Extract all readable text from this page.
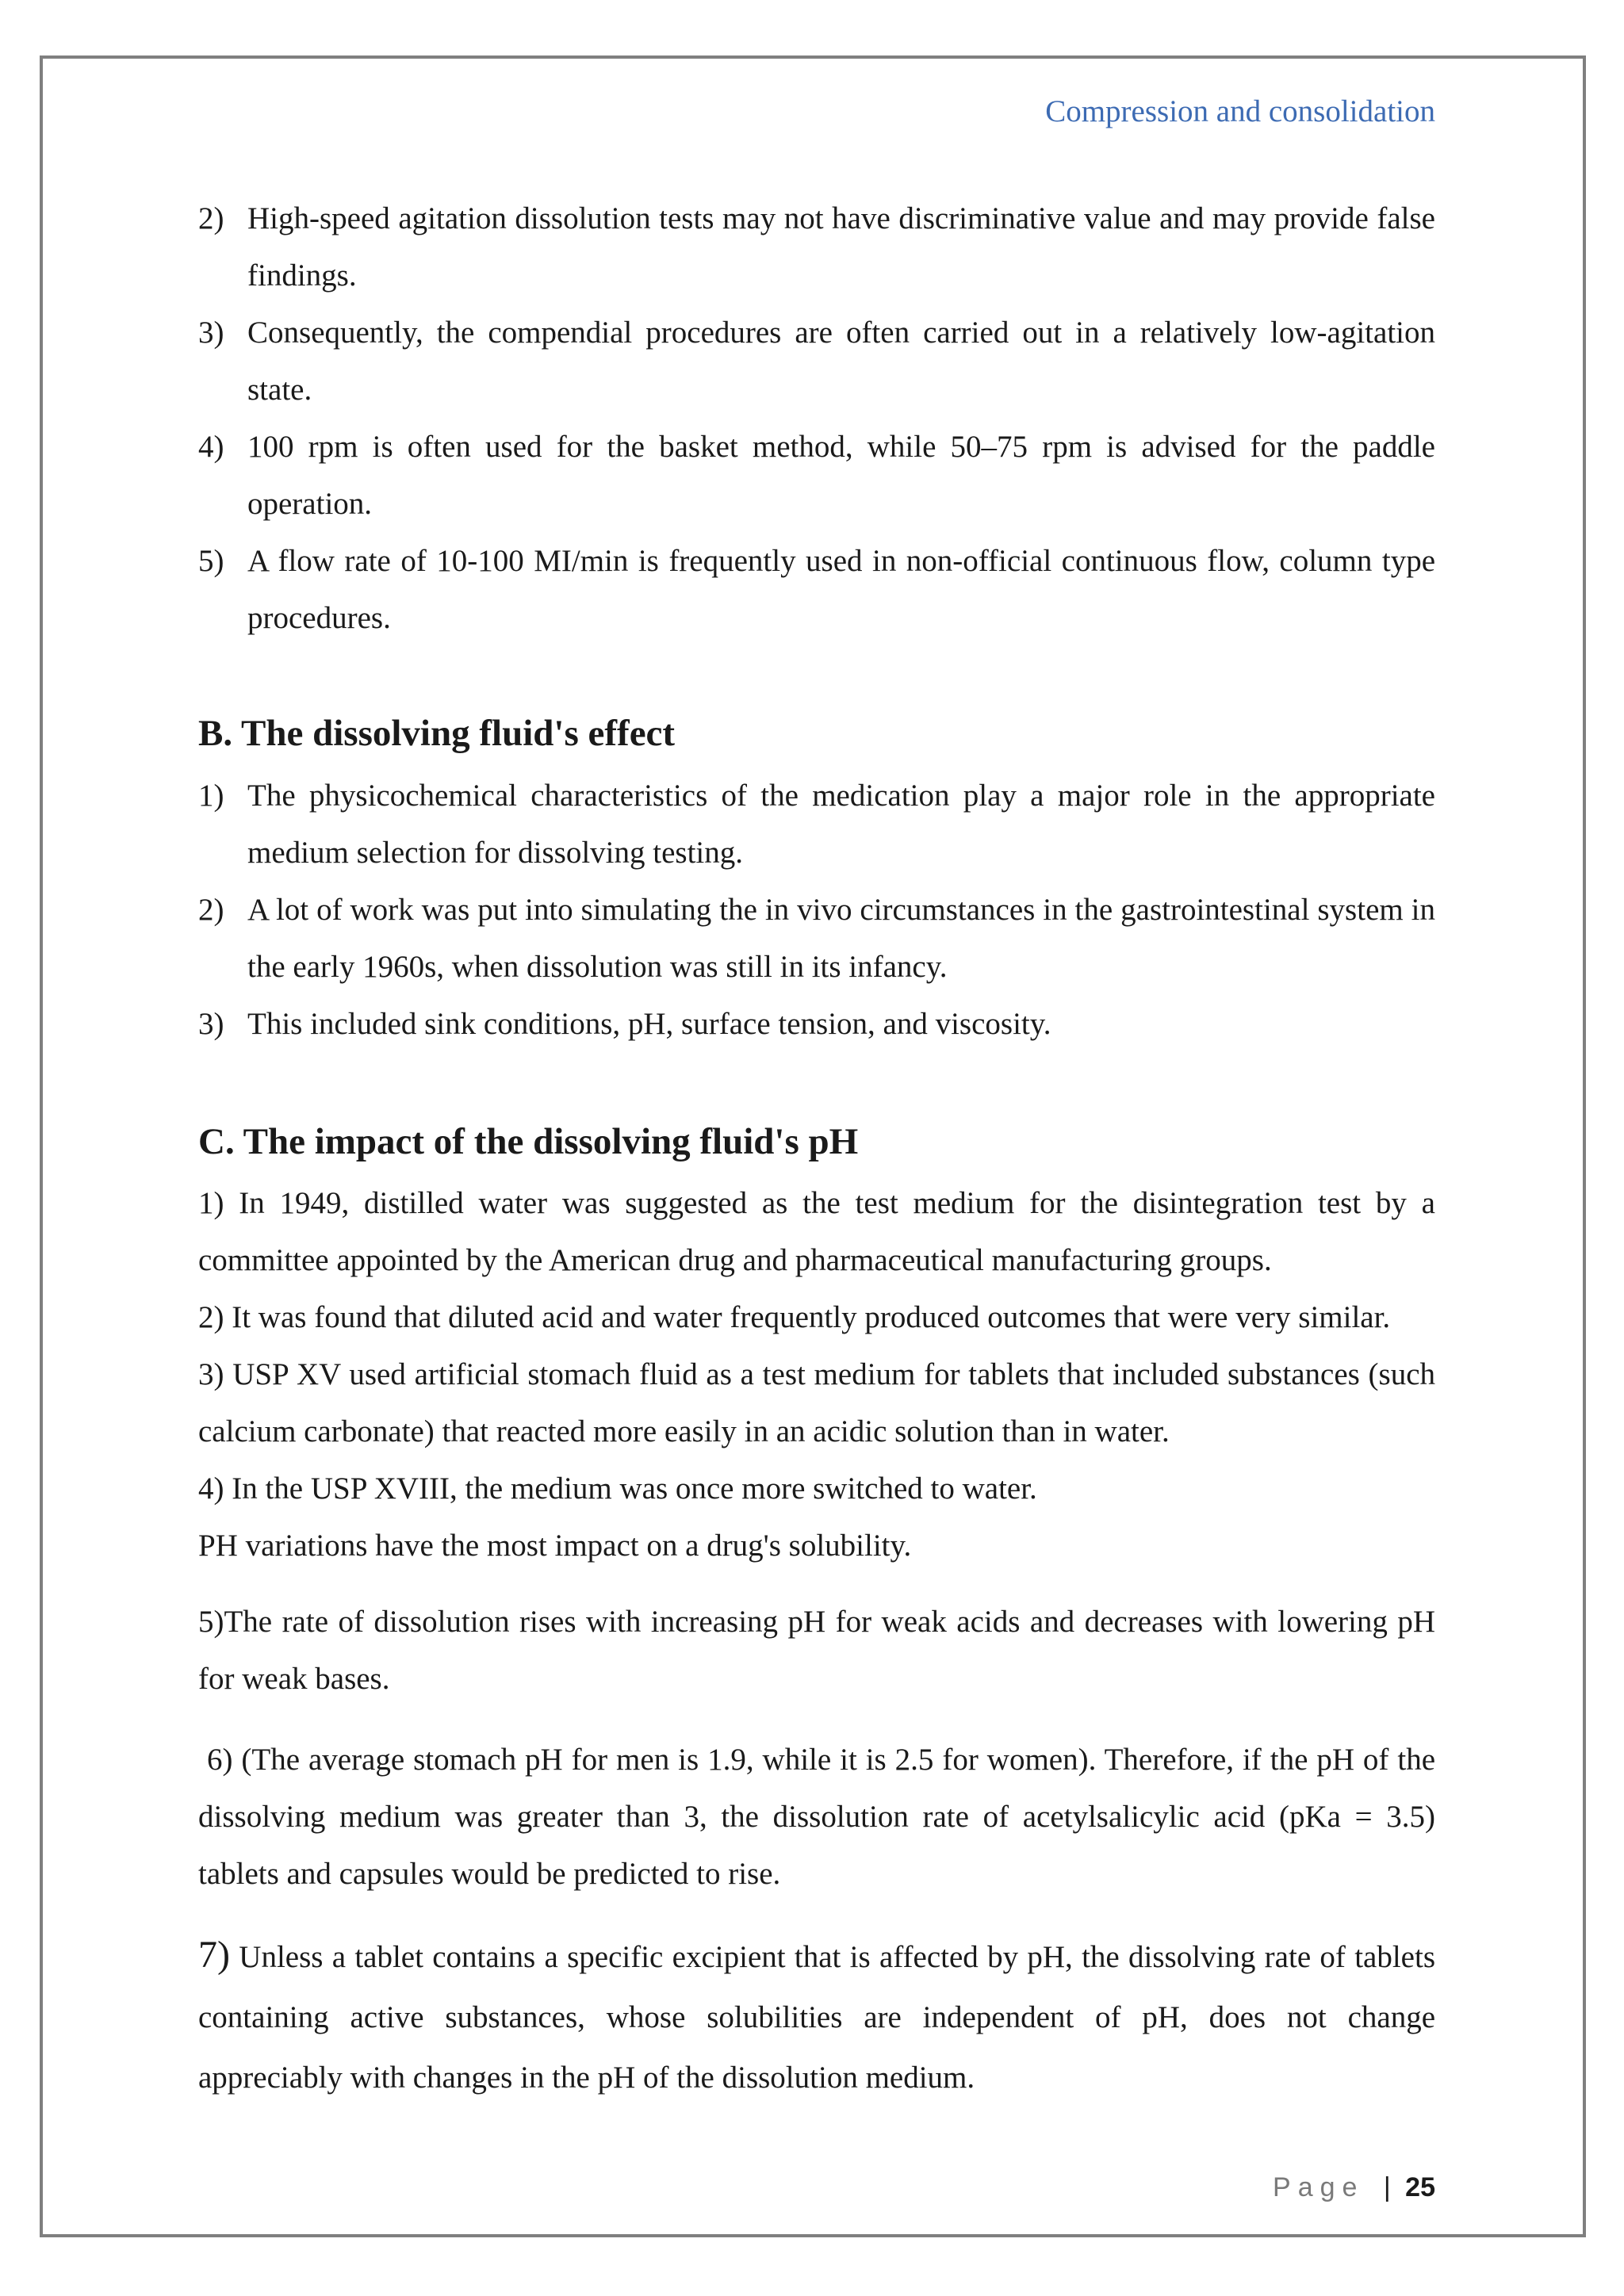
Compression and consolidation
2) High-speed agitation dissolution tests may not have discriminative value and may provide false findings.
3) Consequently, the compendial procedures are often carried out in a relatively low-agitation state.
4) 100 rpm is often used for the basket method, while 50–75 rpm is advised for the paddle operation.
5) A flow rate of 10-100 MI/min is frequently used in non-official continuous flow, column type procedures.
B. The dissolving fluid's effect
1) The physicochemical characteristics of the medication play a major role in the appropriate medium selection for dissolving testing.
2) A lot of work was put into simulating the in vivo circumstances in the gastrointestinal system in the early 1960s, when dissolution was still in its infancy.
3) This included sink conditions, pH, surface tension, and viscosity.
C. The impact of the dissolving fluid's pH
1) In 1949, distilled water was suggested as the test medium for the disintegration test by a committee appointed by the American drug and pharmaceutical manufacturing groups.
2) It was found that diluted acid and water frequently produced outcomes that were very similar.
3) USP XV used artificial stomach fluid as a test medium for tablets that included substances (such calcium carbonate) that reacted more easily in an acidic solution than in water.
4) In the USP XVIII, the medium was once more switched to water.
PH variations have the most impact on a drug's solubility.
5)The rate of dissolution rises with increasing pH for weak acids and decreases with lowering pH for weak bases.
6) (The average stomach pH for men is 1.9, while it is 2.5 for women). Therefore, if the pH of the dissolving medium was greater than 3, the dissolution rate of acetylsalicylic acid (pKa = 3.5) tablets and capsules would be predicted to rise.
7) Unless a tablet contains a specific excipient that is affected by pH, the dissolving rate of tablets containing active substances, whose solubilities are independent of pH, does not change appreciably with changes in the pH of the dissolution medium.
Page | 25
